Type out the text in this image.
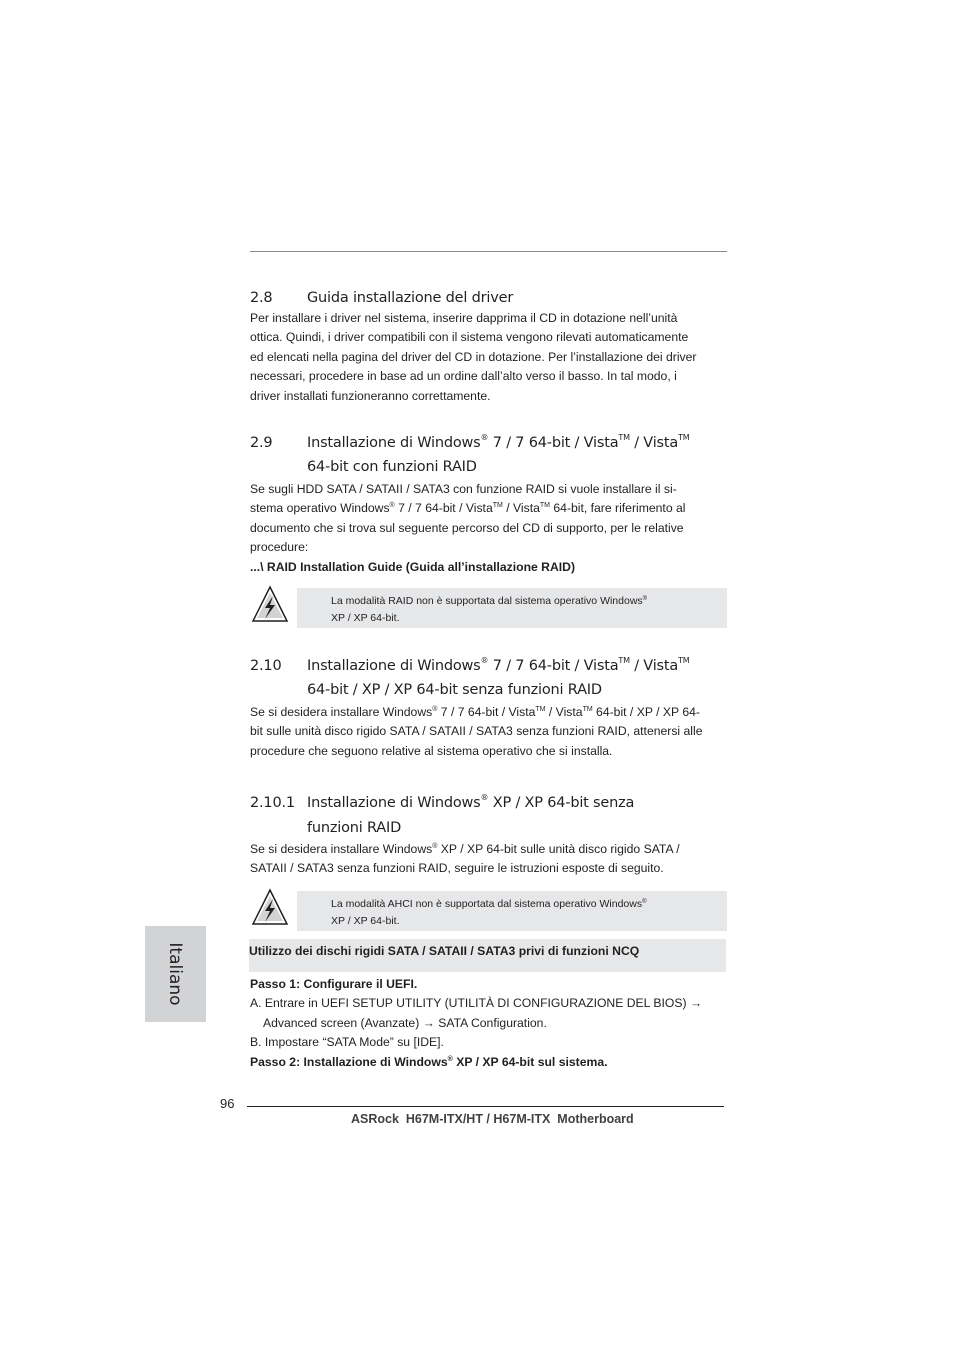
2.8 Guida installazione del driver
Per installare i driver nel sistema, inserire dapprima il CD in dotazione nell’unità
ottica. Quindi, i driver compatibili con il sistema vengono rilevati automaticamente
ed elencati nella pagina del driver del CD in dotazione. Per l’installazione dei driver
necessari, procedere in base ad un ordine dall’alto verso il basso. In tal modo, i
driver installati funzioneranno correttamente.
2.9 Installazione di Windows® 7 / 7 64-bit / Vista™ / Vista™
64-bit con funzioni RAID
Se sugli HDD SATA / SATAII / SATA3 con funzione RAID si vuole installare il si-
stema operativo Windows® 7 / 7 64-bit / Vista™ / Vista™ 64-bit, fare riferimento al
documento che si trova sul seguente percorso del CD di supporto, per le relative
procedure:
...\ RAID Installation Guide (Guida all’installazione RAID)
La modalità RAID non è supportata dal sistema operativo Windows®
XP / XP 64-bit.
2.10 Installazione di Windows® 7 / 7 64-bit / Vista™ / Vista™
64-bit / XP / XP 64-bit senza funzioni RAID
Se si desidera installare Windows® 7 / 7 64-bit / Vista™ / Vista™ 64-bit / XP / XP 64-
bit sulle unità disco rigido SATA / SATAII / SATA3 senza funzioni RAID, attenersi alle
procedure che seguono relative al sistema operativo che si installa.
2.10.1 Installazione di Windows® XP / XP 64-bit senza
funzioni RAID
Se si desidera installare Windows® XP / XP 64-bit sulle unità disco rigido SATA /
SATAII / SATA3 senza funzioni RAID, seguire le istruzioni esposte di seguito.
La modalità AHCI non è supportata dal sistema operativo Windows®
XP / XP 64-bit.
Utilizzo dei dischi rigidi SATA / SATAII / SATA3 privi di funzioni NCQ
Passo 1: Configurare il UEFI.
A. Entrare in UEFI SETUP UTILITY (UTILITÀ DI CONFIGURAZIONE DEL BIOS) →
Advanced screen (Avanzate) → SATA Configuration.
B. Impostare “SATA Mode” su [IDE].
Passo 2: Installazione di Windows® XP / XP 64-bit sul sistema.
Italiano
96
ASRock  H67M-ITX/HT / H67M-ITX  Motherboard
